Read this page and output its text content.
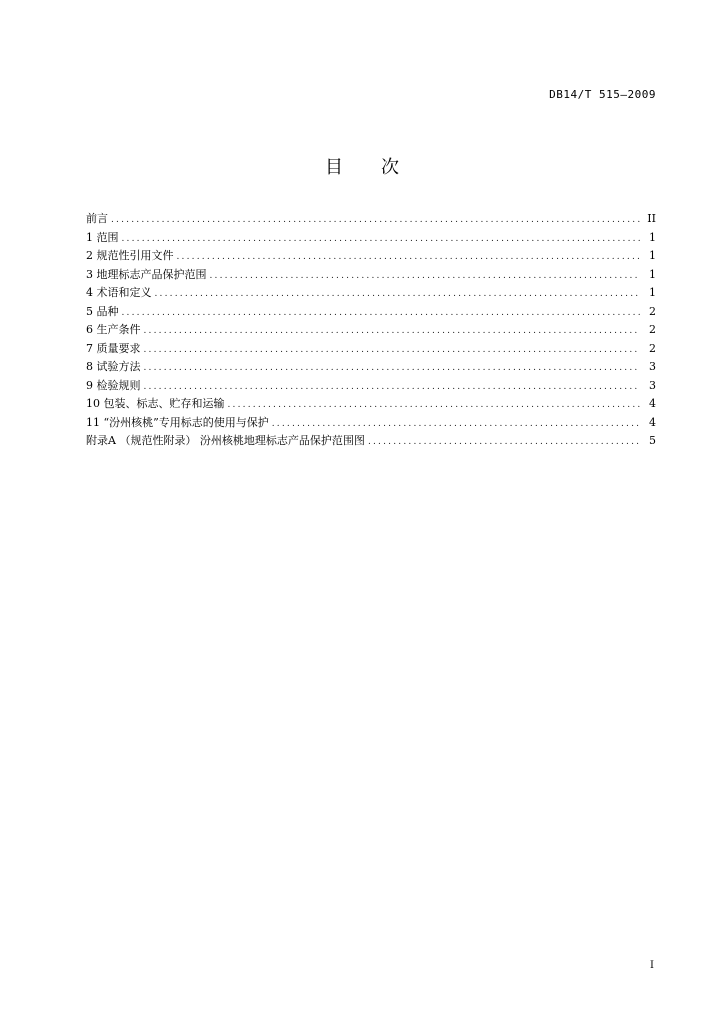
DB14/T 515—2009
目次
前言 .....	II
1 范围 .....	1
2 规范性引用文件 .....	1
3 地理标志产品保护范围 .....	1
4 术语和定义 .....	1
5 品种 .....	2
6 生产条件 .....	2
7 质量要求 .....	2
8 试验方法 .....	3
9 检验规则 .....	3
10 包装、标志、贮存和运输 .....	4
11 “汾州核桃”专用标志的使用与保护 .....	4
附录A （规范性附录） 汾州核桃地理标志产品保护范围图 .....	5
I
